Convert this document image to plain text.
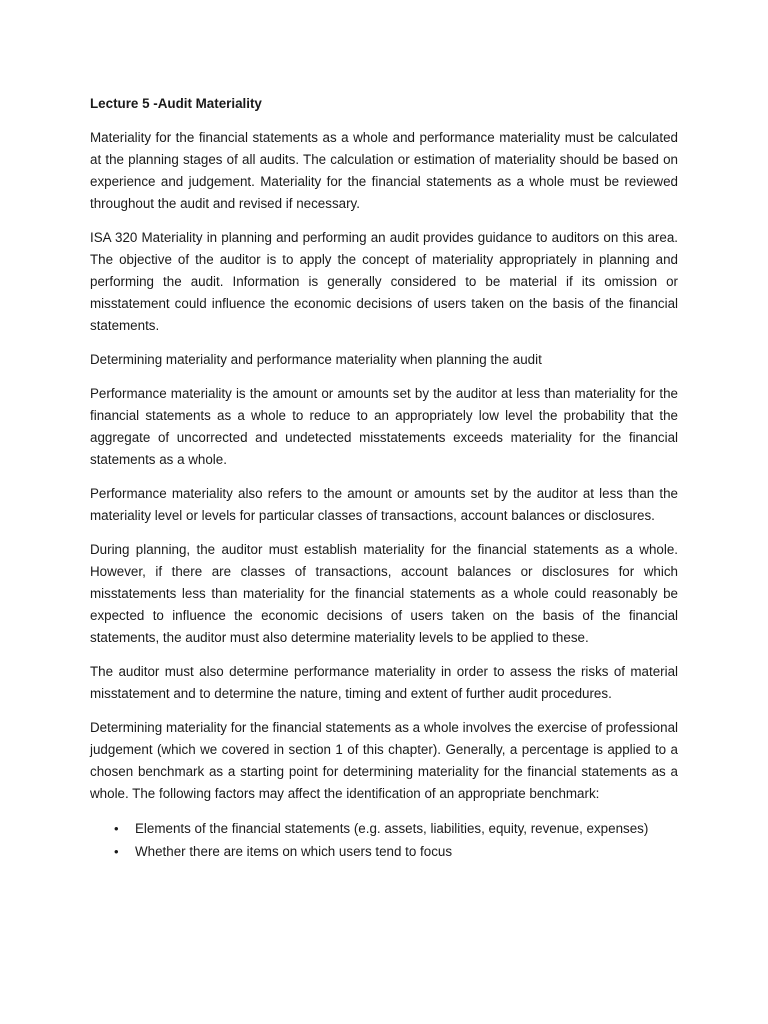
Lecture 5 -Audit Materiality

Materiality for the financial statements as a whole and performance materiality must be calculated at the planning stages of all audits. The calculation or estimation of materiality should be based on experience and judgement. Materiality for the financial statements as a whole must be reviewed throughout the audit and revised if necessary.

ISA 320 Materiality in planning and performing an audit provides guidance to auditors on this area. The objective of the auditor is to apply the concept of materiality appropriately in planning and performing the audit. Information is generally considered to be material if its omission or misstatement could influence the economic decisions of users taken on the basis of the financial statements.

Determining materiality and performance materiality when planning the audit

Performance materiality is the amount or amounts set by the auditor at less than materiality for the financial statements as a whole to reduce to an appropriately low level the probability that the aggregate of uncorrected and undetected misstatements exceeds materiality for the financial statements as a whole.

Performance materiality also refers to the amount or amounts set by the auditor at less than the materiality level or levels for particular classes of transactions, account balances or disclosures.

During planning, the auditor must establish materiality for the financial statements as a whole. However, if there are classes of transactions, account balances or disclosures for which misstatements less than materiality for the financial statements as a whole could reasonably be expected to influence the economic decisions of users taken on the basis of the financial statements, the auditor must also determine materiality levels to be applied to these.

The auditor must also determine performance materiality in order to assess the risks of material misstatement and to determine the nature, timing and extent of further audit procedures.

Determining materiality for the financial statements as a whole involves the exercise of professional judgement (which we covered in section 1 of this chapter). Generally, a percentage is applied to a chosen benchmark as a starting point for determining materiality for the financial statements as a whole. The following factors may affect the identification of an appropriate benchmark:

• Elements of the financial statements (e.g. assets, liabilities, equity, revenue, expenses)
• Whether there are items on which users tend to focus
